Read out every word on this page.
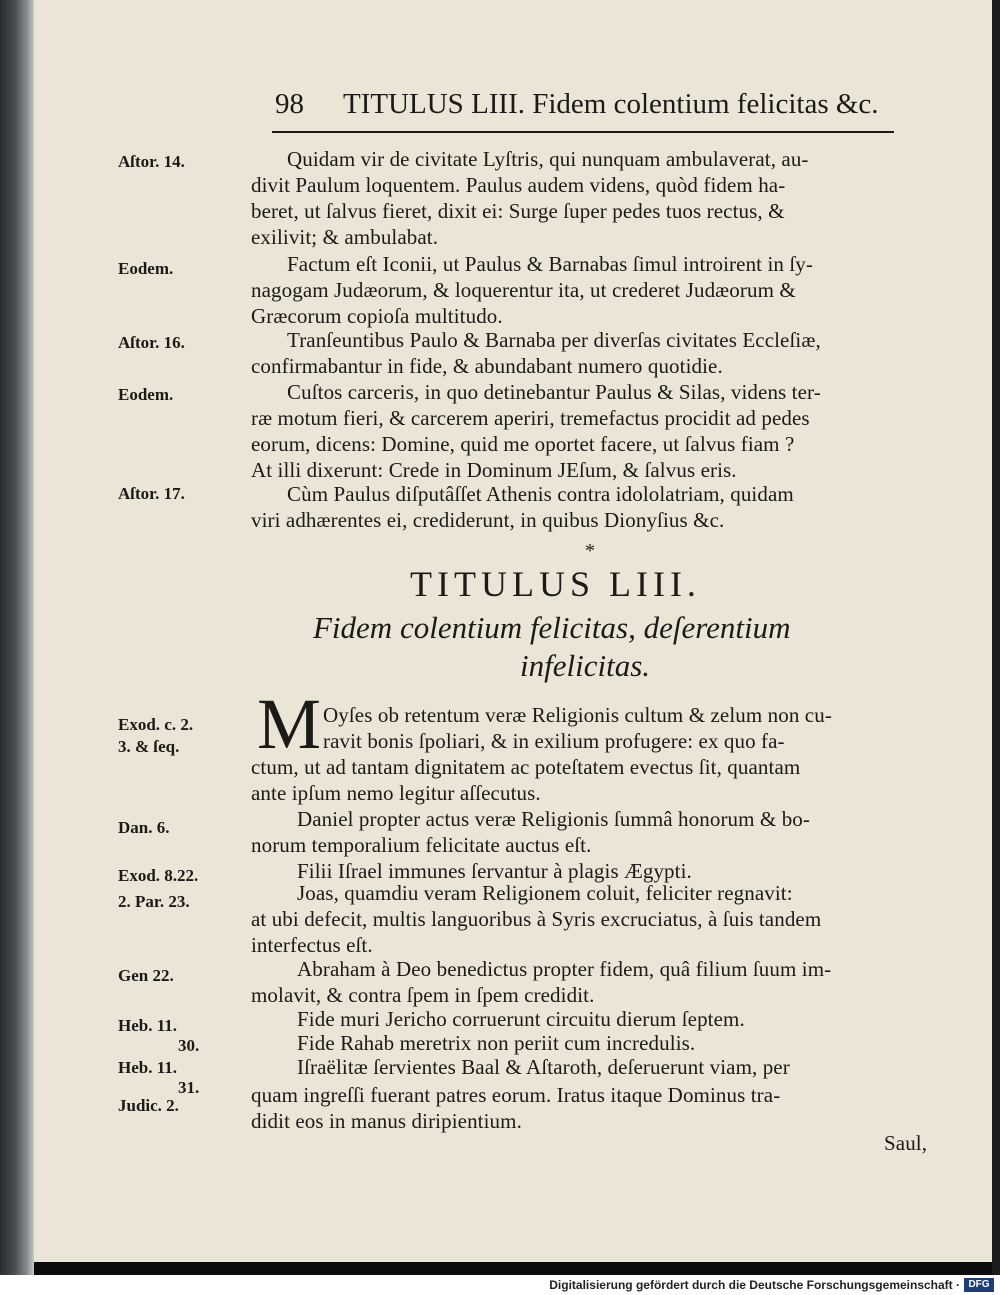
98 TITULUS LIII. Fidem colentium felicitas &c.
Aſtor. 14.
Eodem.
Aſtor. 16.
Eodem.
Aſtor. 17.
Quidam vir de civitate Lyſtris, qui nunquam ambulaverat, au-
divit Paulum loquentem. Paulus audem videns, quòd fidem ha-
beret, ut ſalvus fieret, dixit ei: Surge ſuper pedes tuos rectus, &
exilivit; & ambulabat.
Factum eſt Iconii, ut Paulus & Barnabas ſimul introirent in ſy-
nagogam Judæorum, & loquerentur ita, ut crederet Judæorum &
Græcorum copioſa multitudo.
Tranſeuntibus Paulo & Barnaba per diverſas civitates Eccleſiæ,
confirmabantur in fide, & abundabant numero quotidie.
Cuſtos carceris, in quo detinebantur Paulus & Silas, videns ter-
ræ motum fieri, & carcerem aperiri, tremefactus procidit ad pedes
eorum, dicens: Domine, quid me oportet facere, ut ſalvus fiam ?
At illi dixerunt: Crede in Dominum JEſum, & ſalvus eris.
Cùm Paulus diſputâſſet Athenis contra idololatriam, quidam
viri adhærentes ei, crediderunt, in quibus Dionyſius &c.
*
TITULUS LIII.
Fidem colentium felicitas, deſerentium
infelicitas.
M
Exod. c. 2.
3. & ſeq.
Dan. 6.
Exod. 8.22.
2. Par. 23.
Gen 22.
Heb. 11.
30.
Heb. 11.
31.
Judic. 2.
Oyſes ob retentum veræ Religionis cultum & zelum non cu-
ravit bonis ſpoliari, & in exilium profugere: ex quo fa-
ctum, ut ad tantam dignitatem ac poteſtatem evectus ſit, quantam
ante ipſum nemo legitur aſſecutus.
Daniel propter actus veræ Religionis ſummâ honorum & bo-
norum temporalium felicitate auctus eſt.
Filii Iſrael immunes ſervantur à plagis Ægypti.
Joas, quamdiu veram Religionem coluit, feliciter regnavit:
at ubi defecit, multis languoribus à Syris excruciatus, à ſuis tandem
interfectus eſt.
Abraham à Deo benedictus propter fidem, quâ filium ſuum im-
molavit, & contra ſpem in ſpem credidit.
Fide muri Jericho corruerunt circuitu dierum ſeptem.
Fide Rahab meretrix non periit cum incredulis.
Iſraëlitæ ſervientes Baal & Aſtaroth, deſeruerunt viam, per
quam ingreſſi fuerant patres eorum. Iratus itaque Dominus tra-
didit eos in manus diripientium.
Saul,
Digitalisierung gefördert durch die Deutsche Forschungsgemeinschaft · DFG
